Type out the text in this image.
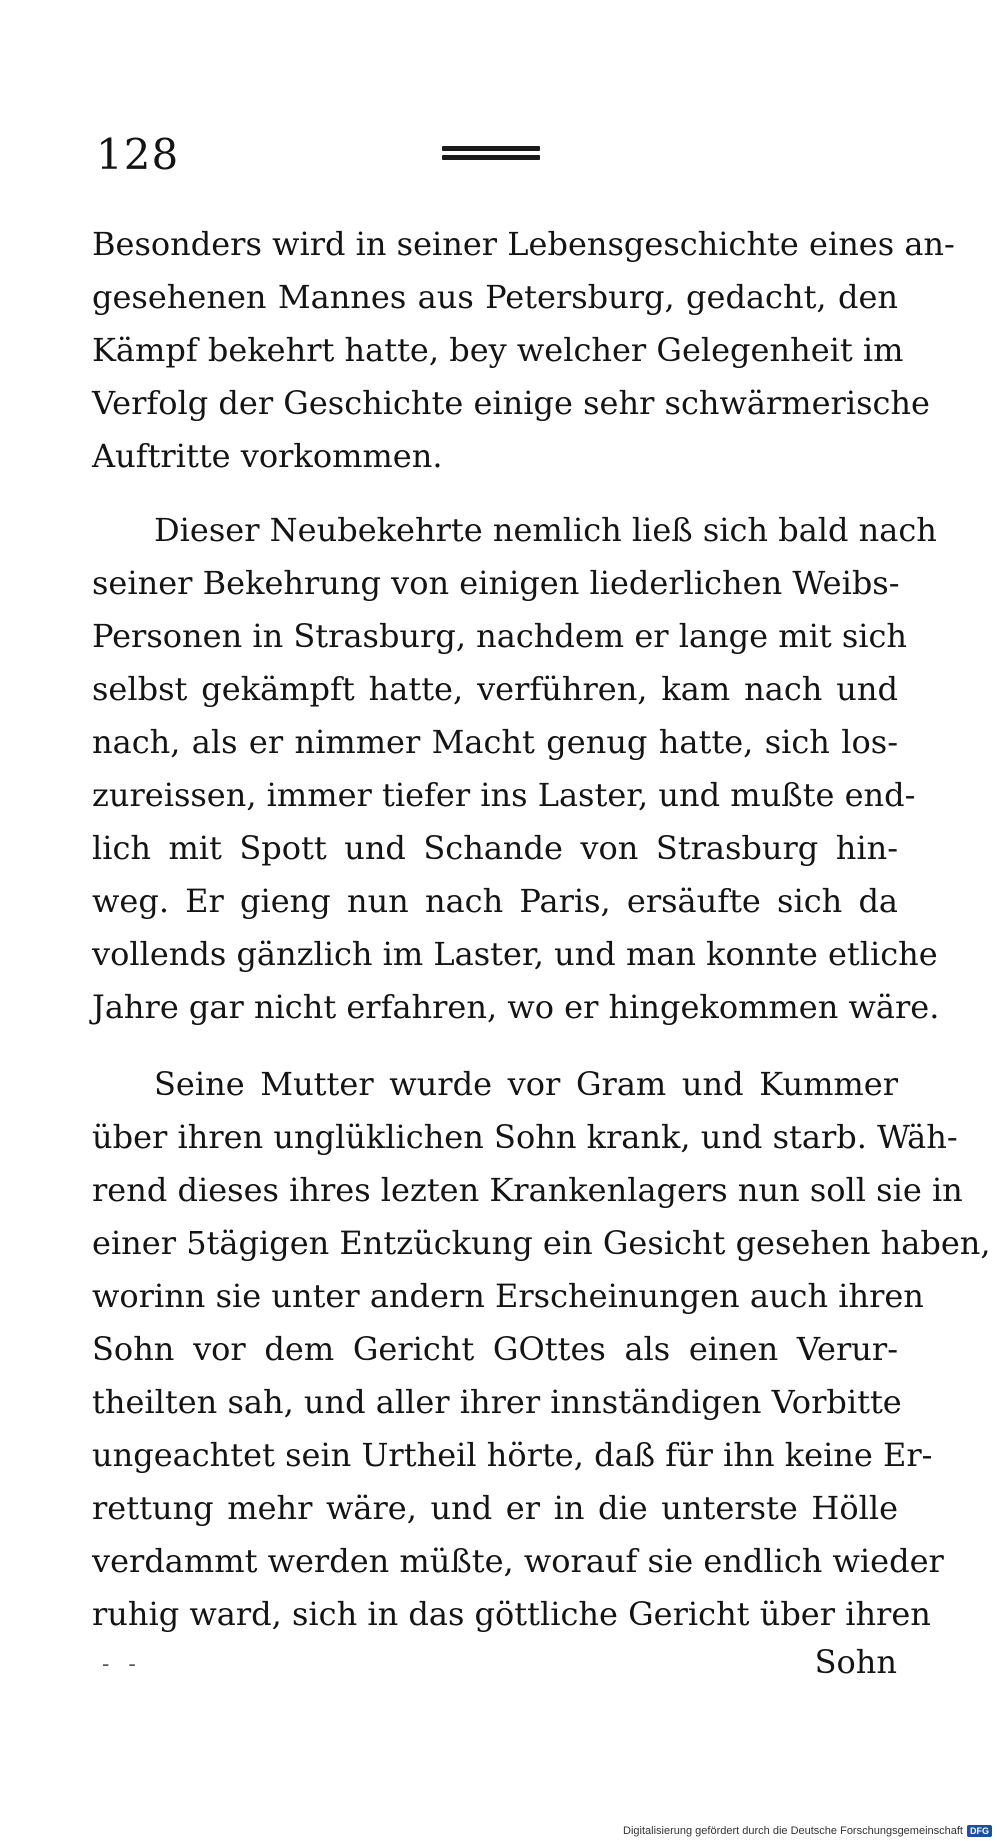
128
Besonders wird in seiner Lebensgeschichte eines an-
gesehenen Mannes aus Petersburg, gedacht, den
Kämpf bekehrt hatte, bey welcher Gelegenheit im
Verfolg der Geschichte einige sehr schwärmerische
Auftritte vorkommen.
Dieser Neubekehrte nemlich ließ sich bald nach
seiner Bekehrung von einigen liederlichen Weibs-
Personen in Strasburg, nachdem er lange mit sich
selbst gekämpft hatte, verführen, kam nach und
nach, als er nimmer Macht genug hatte, sich los-
zureissen, immer tiefer ins Laster, und mußte end-
lich mit Spott und Schande von Strasburg hin-
weg. Er gieng nun nach Paris, ersäufte sich da
vollends gänzlich im Laster, und man konnte etliche
Jahre gar nicht erfahren, wo er hingekommen wäre.
Seine Mutter wurde vor Gram und Kummer
über ihren unglüklichen Sohn krank, und starb. Wäh-
rend dieses ihres lezten Krankenlagers nun soll sie in
einer 5tägigen Entzückung ein Gesicht gesehen haben,
worinn sie unter andern Erscheinungen auch ihren
Sohn vor dem Gericht GOttes als einen Verur-
theilten sah, und aller ihrer innständigen Vorbitte
ungeachtet sein Urtheil hörte, daß für ihn keine Er-
rettung mehr wäre, und er in die unterste Hölle
verdammt werden müßte, worauf sie endlich wieder
ruhig ward, sich in das göttliche Gericht über ihren
- -	Sohn
Digitalisierung gefördert durch die Deutsche Forschungsgemeinschaft DFG
